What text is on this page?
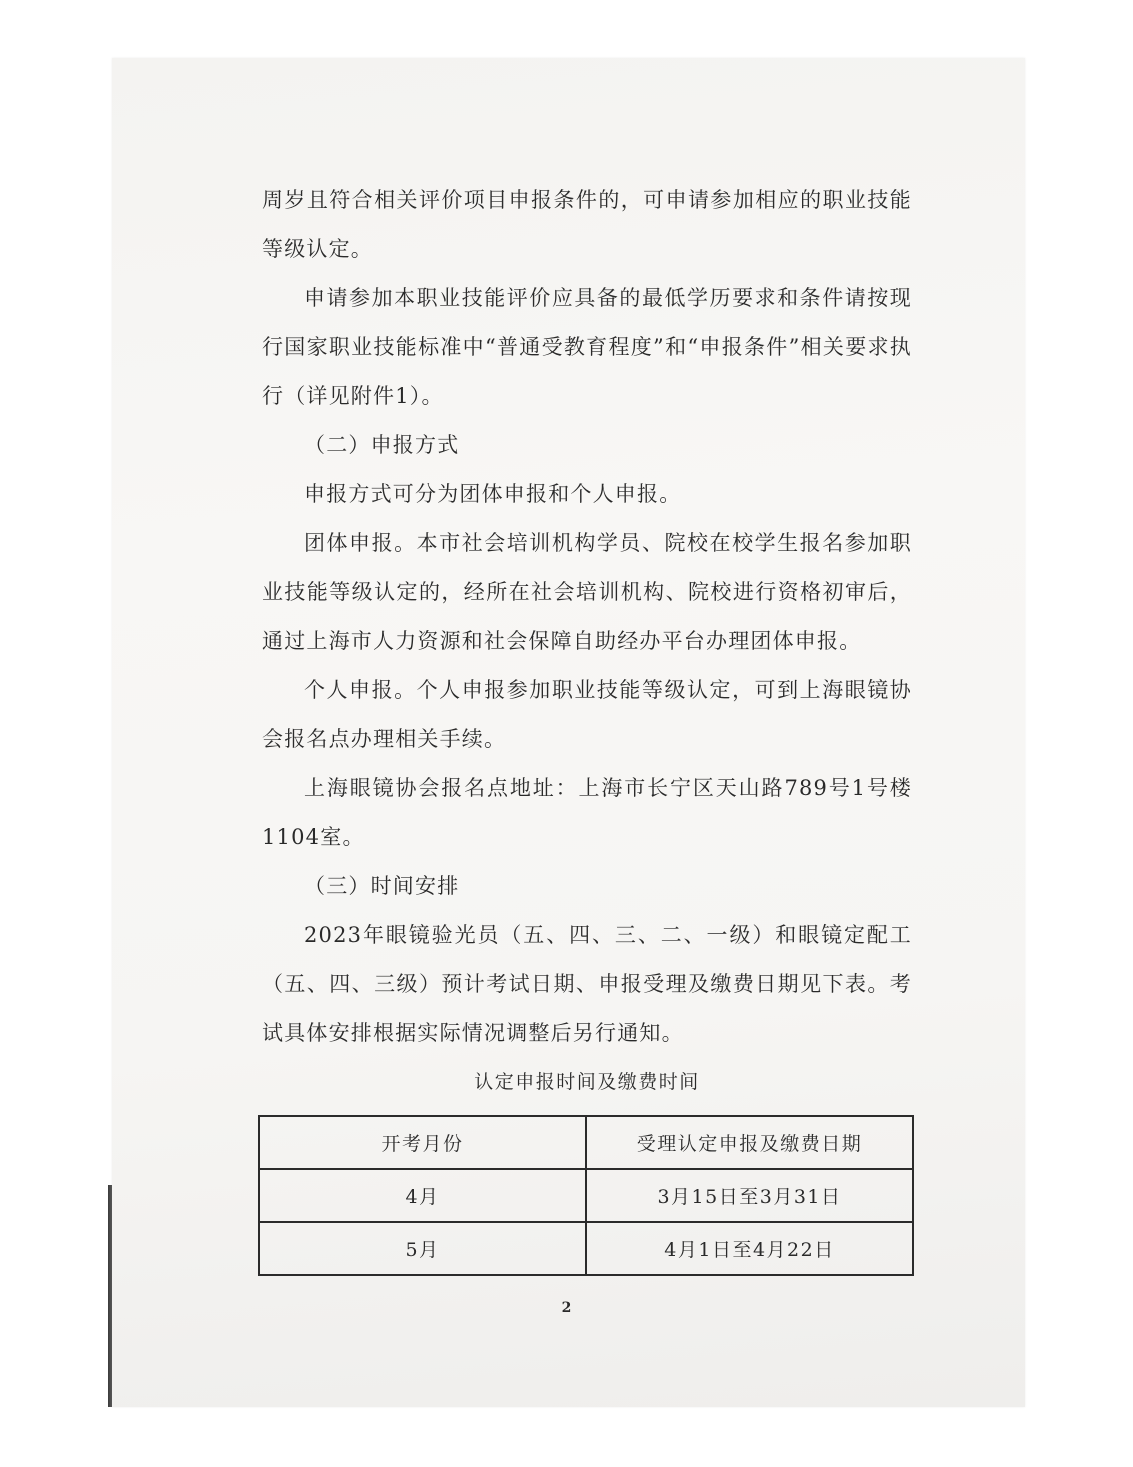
周岁且符合相关评价项目申报条件的，可申请参加相应的职业技能等级认定。

申请参加本职业技能评价应具备的最低学历要求和条件请按现行国家职业技能标准中“普通受教育程度”和“申报条件”相关要求执行（详见附件1）。

（二）申报方式

申报方式可分为团体申报和个人申报。

团体申报。本市社会培训机构学员、院校在校学生报名参加职业技能等级认定的，经所在社会培训机构、院校进行资格初审后，通过上海市人力资源和社会保障自助经办平台办理团体申报。

个人申报。个人申报参加职业技能等级认定，可到上海眼镜协会报名点办理相关手续。

上海眼镜协会报名点地址：上海市长宁区天山路789号1号楼1104室。

（三）时间安排

2023年眼镜验光员（五、四、三、二、一级）和眼镜定配工（五、四、三级）预计考试日期、申报受理及缴费日期见下表。考试具体安排根据实际情况调整后另行通知。

认定申报时间及缴费时间

开考月份	受理认定申报及缴费日期
4月	3月15日至3月31日
5月	4月1日至4月22日
2
